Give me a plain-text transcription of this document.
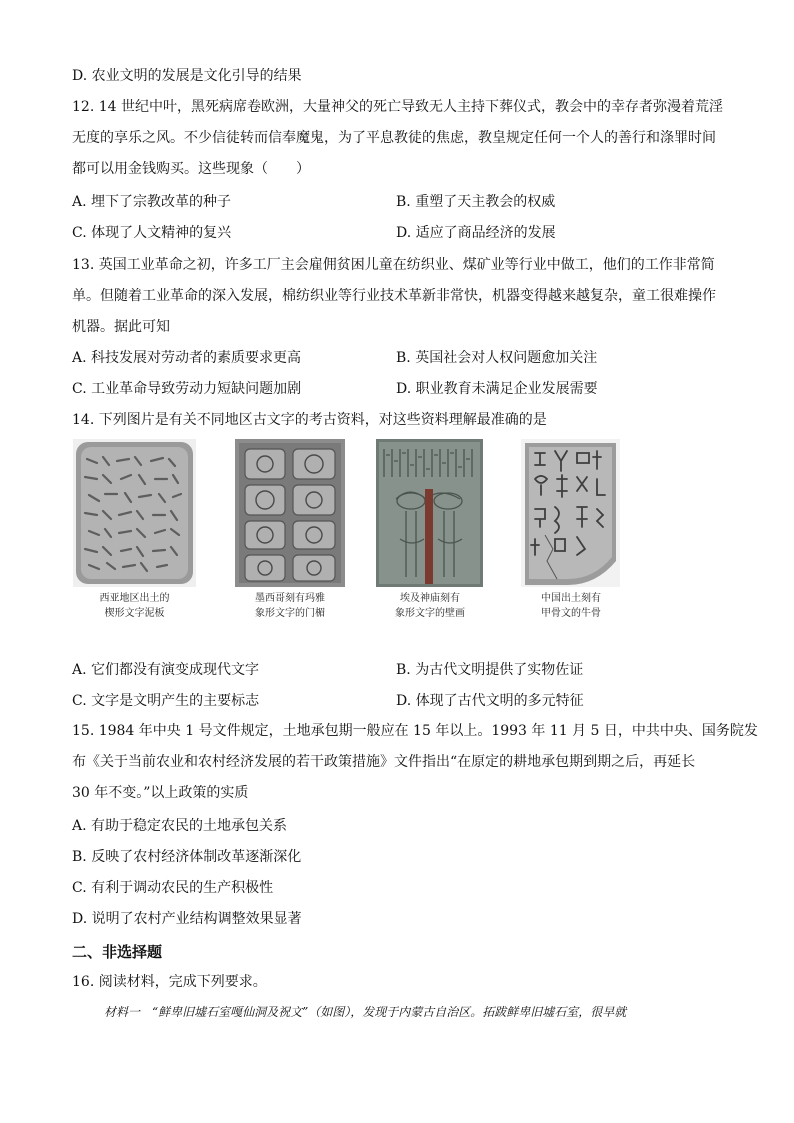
D. 农业文明的发展是文化引导的结果
12. 14 世纪中叶，黑死病席卷欧洲，大量神父的死亡导致无人主持下葬仪式，教会中的幸存者弥漫着荒淫
无度的享乐之风。不少信徒转而信奉魔鬼，为了平息教徒的焦虑，教皇规定任何一个人的善行和涤罪时间
都可以用金钱购买。这些现象（　　）
A. 埋下了宗教改革的种子	B. 重塑了天主教会的权威
C. 体现了人文精神的复兴	D. 适应了商品经济的发展
13. 英国工业革命之初，许多工厂主会雇佣贫困儿童在纺织业、煤矿业等行业中做工，他们的工作非常简
单。但随着工业革命的深入发展，棉纺织业等行业技术革新非常快，机器变得越来越复杂，童工很难操作
机器。据此可知
A. 科技发展对劳动者的素质要求更高	B. 英国社会对人权问题愈加关注
C. 工业革命导致劳动力短缺问题加剧	D. 职业教育未满足企业发展需要
14. 下列图片是有关不同地区古文字的考古资料，对这些资料理解最准确的是
西亚地区出土的
楔形文字泥板
墨西哥刻有玛雅
象形文字的门楣
埃及神庙刻有
象形文字的壁画
中国出土刻有
甲骨文的牛骨
A. 它们都没有演变成现代文字	B. 为古代文明提供了实物佐证
C. 文字是文明产生的主要标志	D. 体现了古代文明的多元特征
15. 1984 年中央 1 号文件规定，土地承包期一般应在 15 年以上。1993 年 11 月 5 日，中共中央、国务院发
布《关于当前农业和农村经济发展的若干政策措施》文件指出“在原定的耕地承包期到期之后，再延长
30 年不变。”以上政策的实质
A. 有助于稳定农民的土地承包关系
B. 反映了农村经济体制改革逐渐深化
C. 有利于调动农民的生产积极性
D. 说明了农村产业结构调整效果显著
二、非选择题
16. 阅读材料，完成下列要求。
材料一　“鲜卑旧墟石室嘎仙洞及祝文”（如图），发现于内蒙古自治区。拓跋鲜卑旧墟石室，很早就
